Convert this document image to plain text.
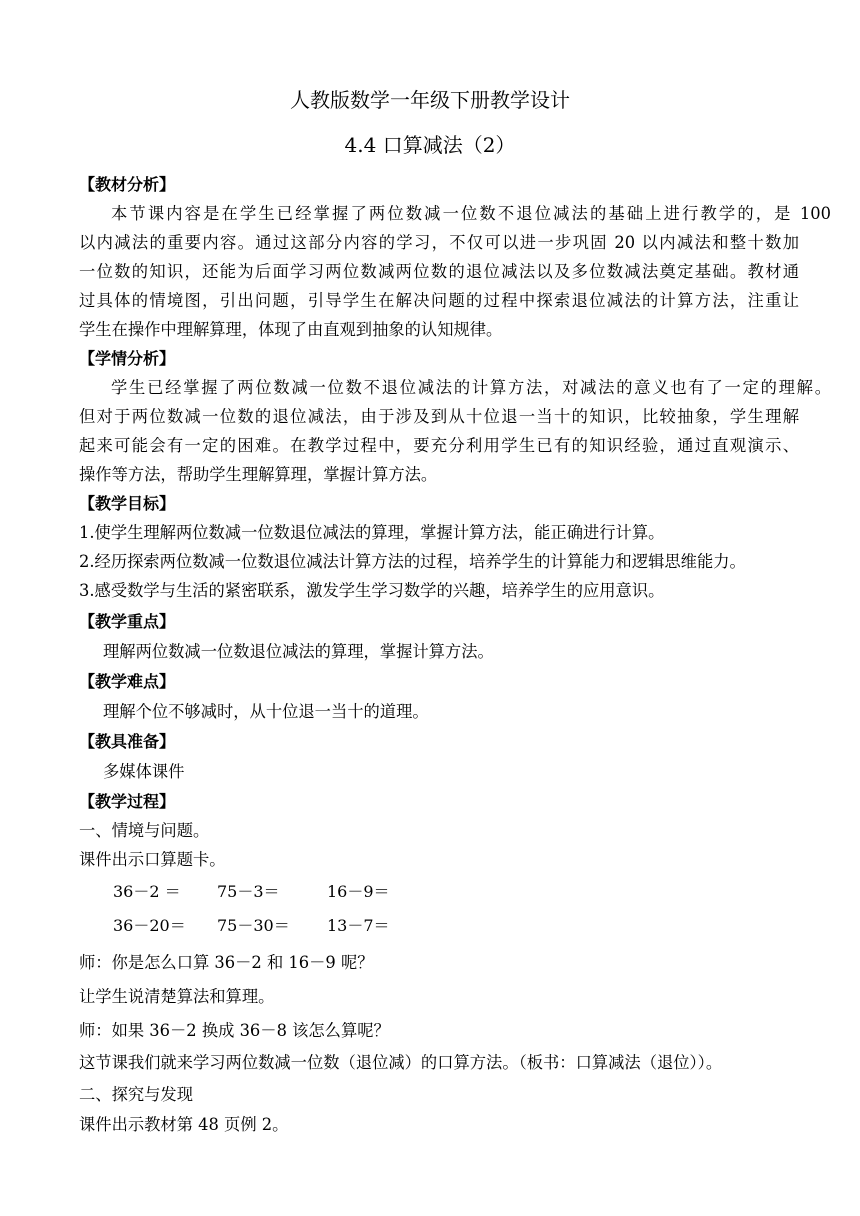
人教版数学一年级下册教学设计
4.4 口算减法（2）
【教材分析】
本节课内容是在学生已经掌握了两位数减一位数不退位减法的基础上进行教学的，是 100
以内减法的重要内容。通过这部分内容的学习，不仅可以进一步巩固 20 以内减法和整十数加
一位数的知识，还能为后面学习两位数减两位数的退位减法以及多位数减法奠定基础。教材通
过具体的情境图，引出问题，引导学生在解决问题的过程中探索退位减法的计算方法，注重让
学生在操作中理解算理，体现了由直观到抽象的认知规律。
【学情分析】
学生已经掌握了两位数减一位数不退位减法的计算方法，对减法的意义也有了一定的理解。
但对于两位数减一位数的退位减法，由于涉及到从十位退一当十的知识，比较抽象，学生理解
起来可能会有一定的困难。在教学过程中，要充分利用学生已有的知识经验，通过直观演示、
操作等方法，帮助学生理解算理，掌握计算方法。
【教学目标】
1.使学生理解两位数减一位数退位减法的算理，掌握计算方法，能正确进行计算。
2.经历探索两位数减一位数退位减法计算方法的过程，培养学生的计算能力和逻辑思维能力。
3.感受数学与生活的紧密联系，激发学生学习数学的兴趣，培养学生的应用意识。
【教学重点】
理解两位数减一位数退位减法的算理，掌握计算方法。
【教学难点】
理解个位不够减时，从十位退一当十的道理。
【教具准备】
多媒体课件
【教学过程】
一、情境与问题。
课件出示口算题卡。
36－2 ＝ 75－3＝	16－9＝
36－20＝ 75－30＝ 13－7＝
师：你是怎么口算 36－2 和 16－9 呢？
让学生说清楚算法和算理。
师：如果 36－2 换成 36－8 该怎么算呢？
这节课我们就来学习两位数减一位数（退位减）的口算方法。（板书：口算减法（退位））。
二、探究与发现
课件出示教材第 48 页例 2。
